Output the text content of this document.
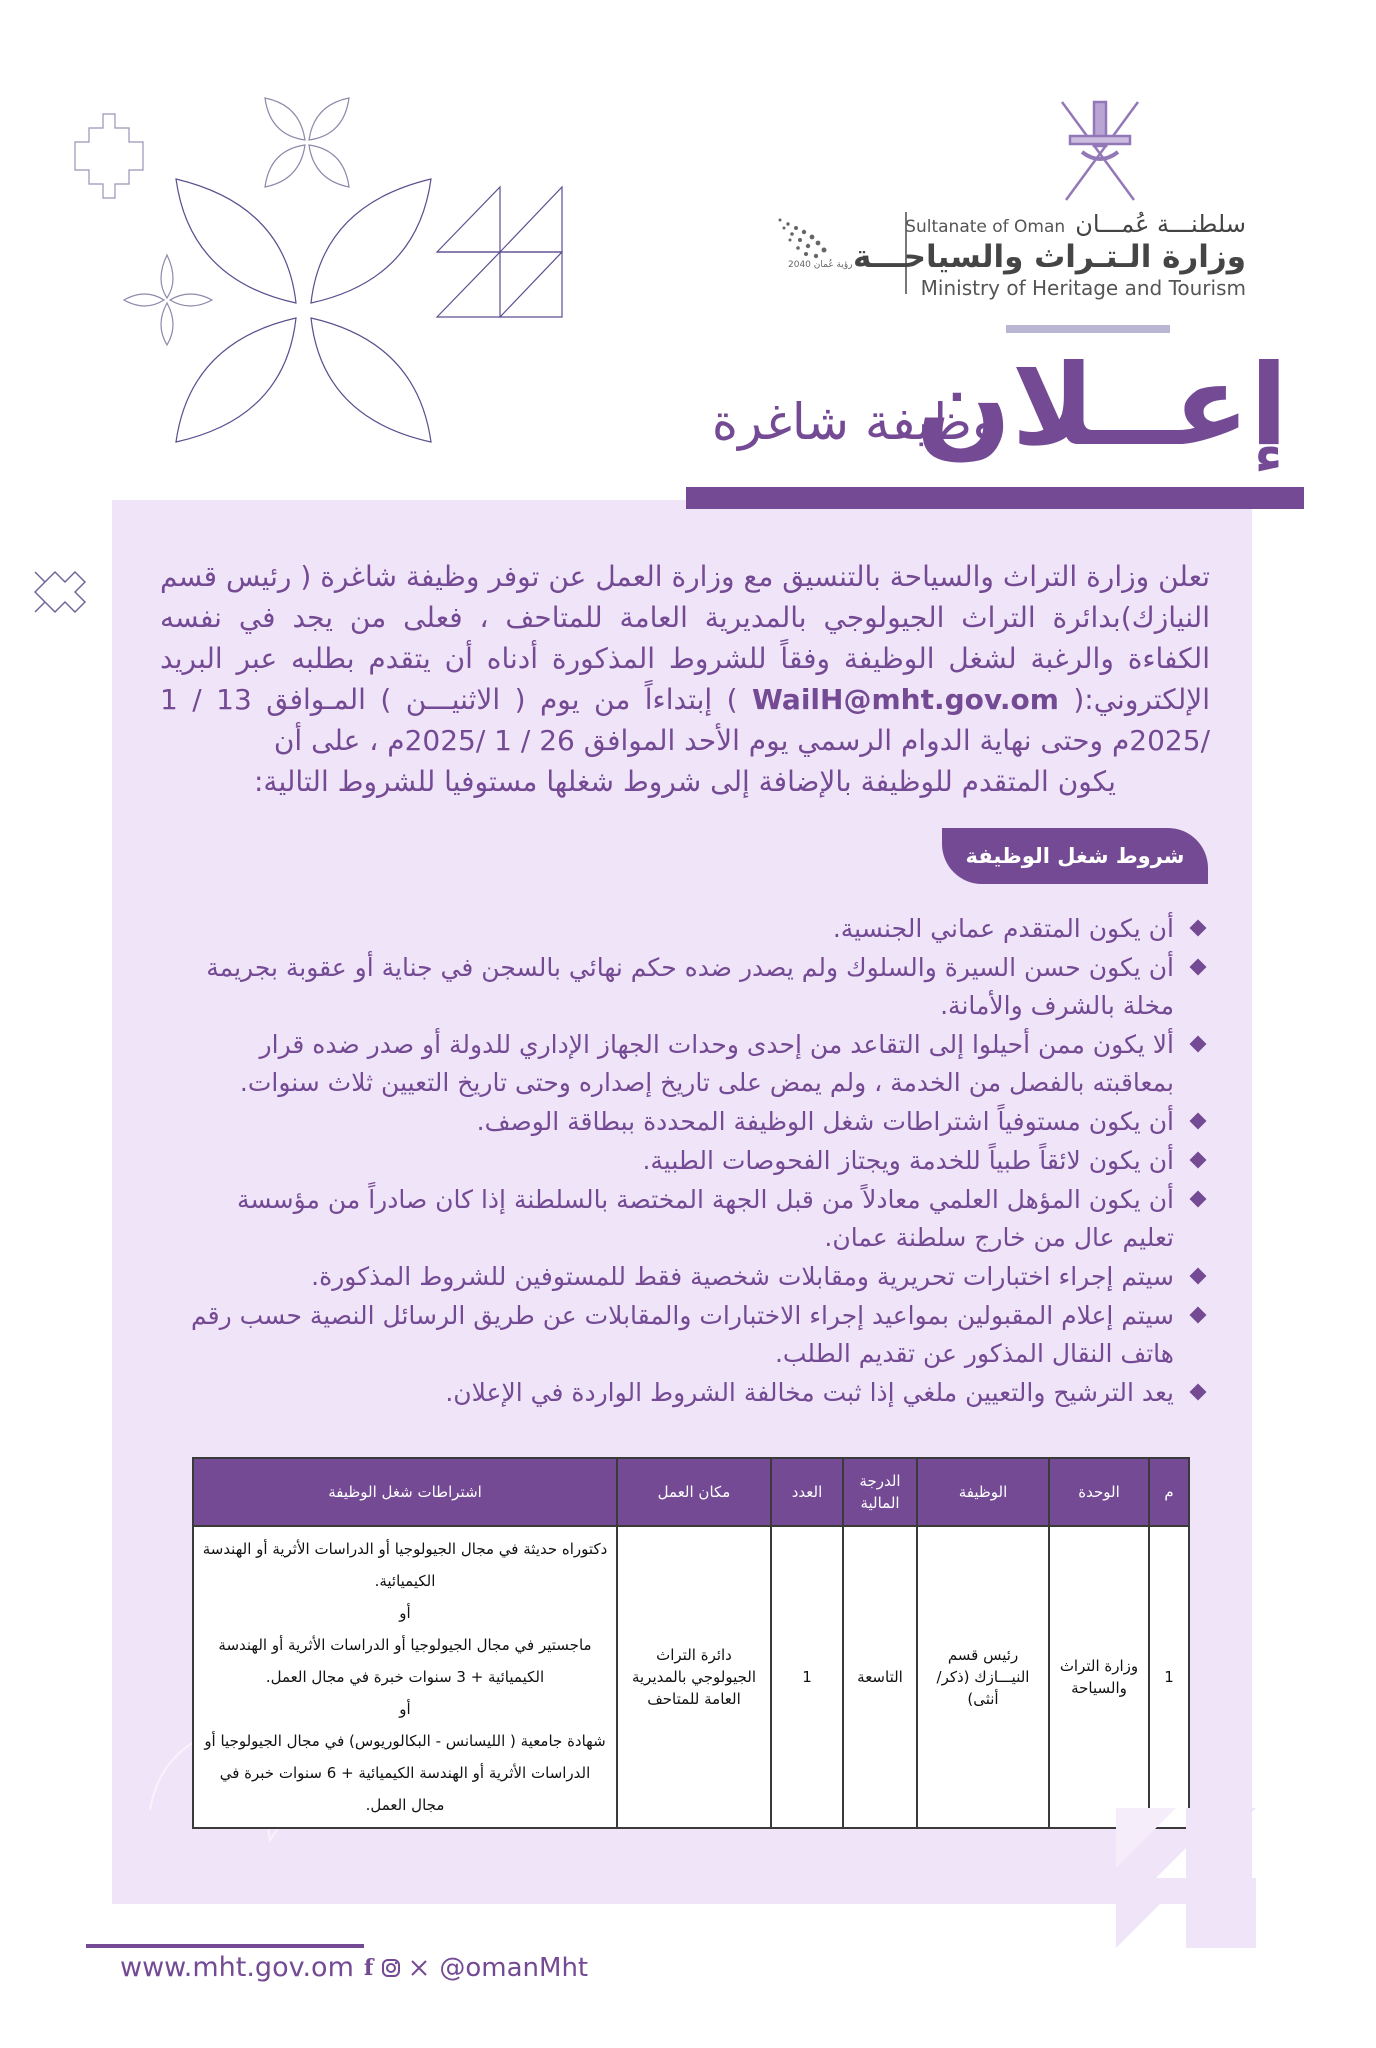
رؤية عُمان 2040
Sultanate of Oman سلطنـــة عُمـــان
وزارة الـتـراث والسياحـــة
Ministry of Heritage and Tourism
إعــلان
وظيفة شاغرة
تعلن وزارة التراث والسياحة بالتنسيق مع وزارة العمل عن توفر وظيفة شاغرة ( رئيس قسم النيازك)بدائرة التراث الجيولوجي بالمديرية العامة للمتاحف ، فعلى من يجد في نفسه الكفاءة والرغبة لشغل الوظيفة وفقاً للشروط المذكورة أدناه أن يتقدم بطلبه عبر البريد الإلكتروني:( WailH@mht.gov.om ) إبتداءاً من يوم ( الاثنيـــن ) المـوافق 13 / 1 /2025م وحتى نهاية الدوام الرسمي يوم الأحد الموافق 26 / 1 /2025م ، على أن
يكون المتقدم للوظيفة بالإضافة إلى شروط شغلها مستوفيا للشروط التالية:
شروط شغل الوظيفة
أن يكون المتقدم عماني الجنسية.
أن يكون حسن السيرة والسلوك ولم يصدر ضده حكم نهائي بالسجن في جناية أو عقوبة بجريمة مخلة بالشرف والأمانة.
ألا يكون ممن أحيلوا إلى التقاعد من إحدى وحدات الجهاز الإداري للدولة أو صدر ضده قرار بمعاقبته بالفصل من الخدمة ، ولم يمض على تاريخ إصداره وحتى تاريخ التعيين ثلاث سنوات.
أن يكون مستوفياً اشتراطات شغل الوظيفة المحددة ببطاقة الوصف.
أن يكون لائقاً طبياً للخدمة ويجتاز الفحوصات الطبية.
أن يكون المؤهل العلمي معادلاً من قبل الجهة المختصة بالسلطنة إذا كان صادراً من مؤسسة تعليم عال من خارج سلطنة عمان.
سيتم إجراء اختبارات تحريرية ومقابلات شخصية فقط للمستوفين للشروط المذكورة.
سيتم إعلام المقبولين بمواعيد إجراء الاختبارات والمقابلات عن طريق الرسائل النصية حسب رقم هاتف النقال المذكور عن تقديم الطلب.
يعد الترشيح والتعيين ملغي إذا ثبت مخالفة الشروط الواردة في الإعلان.
م	الوحدة	الوظيفة	الدرجة المالية	العدد	مكان العمل	اشتراطات شغل الوظيفة
1	وزارة التراث والسياحة	رئيس قسم النيـــازك (ذكر/ أنثى)	التاسعة	1	دائرة التراث الجيولوجي بالمديرية العامة للمتاحف	دكتوراه حديثة في مجال الجيولوجيا أو الدراسات الأثرية أو الهندسة الكيميائية.
أو
ماجستير في مجال الجيولوجيا أو الدراسات الأثرية أو الهندسة الكيميائية + 3 سنوات خبرة في مجال العمل.
أو
شهادة جامعية ( الليسانس - البكالوريوس) في مجال الجيولوجيا أو الدراسات الأثرية أو الهندسة الكيميائية + 6 سنوات خبرة في مجال العمل.
www.mht.gov.om f	@omanMht
